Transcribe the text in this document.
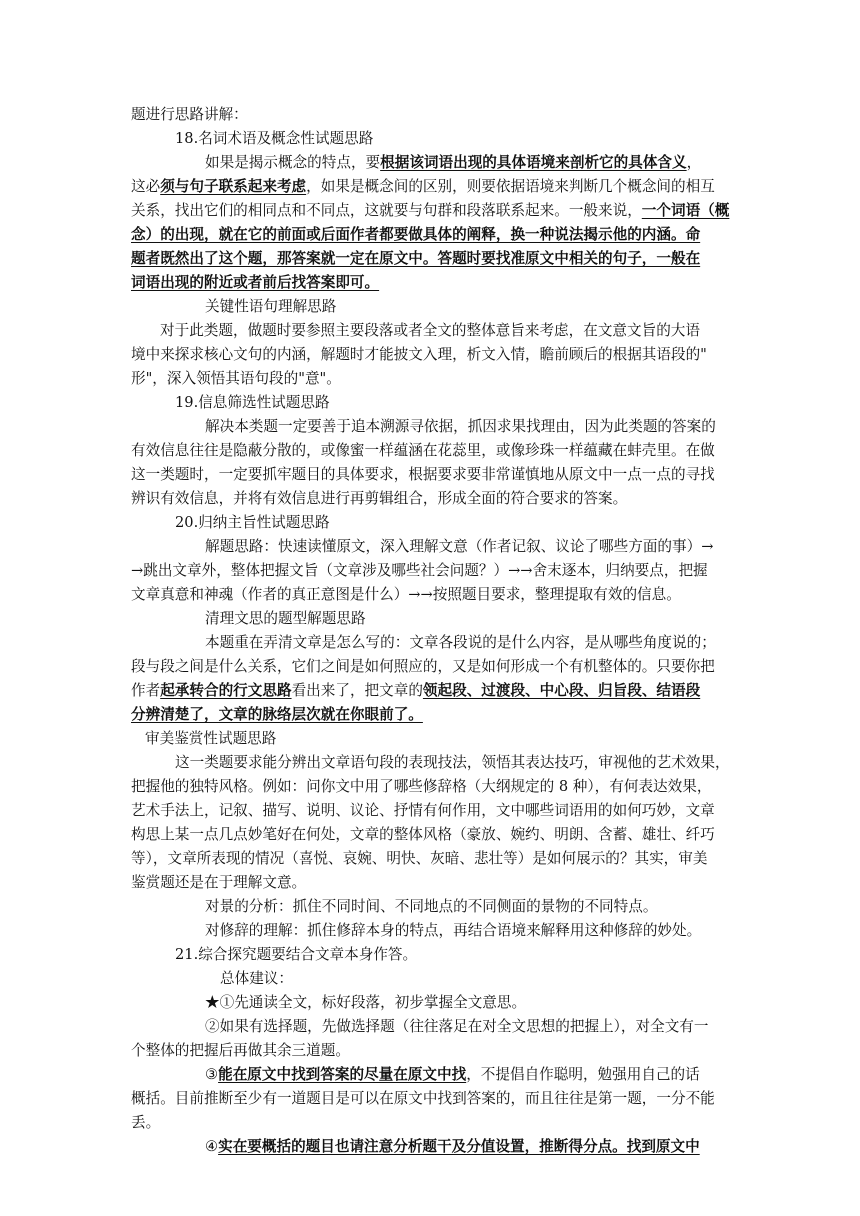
题进行思路讲解：
18.名词术语及概念性试题思路
如果是揭示概念的特点，要根据该词语出现的具体语境来剖析它的具体含义，
这必须与句子联系起来考虑，如果是概念间的区别，则要依据语境来判断几个概念间的相互
关系，找出它们的相同点和不同点，这就要与句群和段落联系起来。一般来说，一个词语（概
念）的出现，就在它的前面或后面作者都要做具体的阐释，换一种说法揭示他的内涵。命
题者既然出了这个题，那答案就一定在原文中。答题时要找准原文中相关的句子，一般在
词语出现的附近或者前后找答案即可。
关键性语句理解思路
对于此类题，做题时要参照主要段落或者全文的整体意旨来考虑，在文意文旨的大语
境中来探求核心文句的内涵，解题时才能披文入理，析文入情，瞻前顾后的根据其语段的"
形"，深入领悟其语句段的"意"。
19.信息筛选性试题思路
解决本类题一定要善于追本溯源寻依据，抓因求果找理由，因为此类题的答案的
有效信息往往是隐蔽分散的，或像蜜一样蕴涵在花蕊里，或像珍珠一样蕴藏在蚌壳里。在做
这一类题时，一定要抓牢题目的具体要求，根据要求要非常谨慎地从原文中一点一点的寻找
辨识有效信息，并将有效信息进行再剪辑组合，形成全面的符合要求的答案。
20.归纳主旨性试题思路
解题思路：快速读懂原文，深入理解文意（作者记叙、议论了哪些方面的事）→
→跳出文章外，整体把握文旨（文章涉及哪些社会问题？）→→舍末逐本，归纳要点，把握
文章真意和神魂（作者的真正意图是什么）→→按照题目要求，整理提取有效的信息。
清理文思的题型解题思路
本题重在弄清文章是怎么写的：文章各段说的是什么内容，是从哪些角度说的；
段与段之间是什么关系，它们之间是如何照应的，又是如何形成一个有机整体的。只要你把
作者起承转合的行文思路看出来了，把文章的领起段、过渡段、中心段、归旨段、结语段
分辨清楚了，文章的脉络层次就在你眼前了。
审美鉴赏性试题思路
这一类题要求能分辨出文章语句段的表现技法，领悟其表达技巧，审视他的艺术效果，
把握他的独特风格。例如：问你文中用了哪些修辞格（大纲规定的 8 种），有何表达效果，
艺术手法上，记叙、描写、说明、议论、抒情有何作用，文中哪些词语用的如何巧妙，文章
构思上某一点几点妙笔好在何处，文章的整体风格（豪放、婉约、明朗、含蓄、雄壮、纤巧
等），文章所表现的情况（喜悦、哀婉、明快、灰暗、悲壮等）是如何展示的？其实，审美
鉴赏题还是在于理解文意。
对景的分析：抓住不同时间、不同地点的不同侧面的景物的不同特点。
对修辞的理解：抓住修辞本身的特点，再结合语境来解释用这种修辞的妙处。
21.综合探究题要结合文章本身作答。
总体建议：
★①先通读全文，标好段落，初步掌握全文意思。
②如果有选择题，先做选择题（往往落足在对全文思想的把握上），对全文有一
个整体的把握后再做其余三道题。
③能在原文中找到答案的尽量在原文中找，不提倡自作聪明，勉强用自己的话
概括。目前推断至少有一道题目是可以在原文中找到答案的，而且往往是第一题，一分不能
丢。
④实在要概括的题目也请注意分析题干及分值设置，推断得分点。找到原文中
